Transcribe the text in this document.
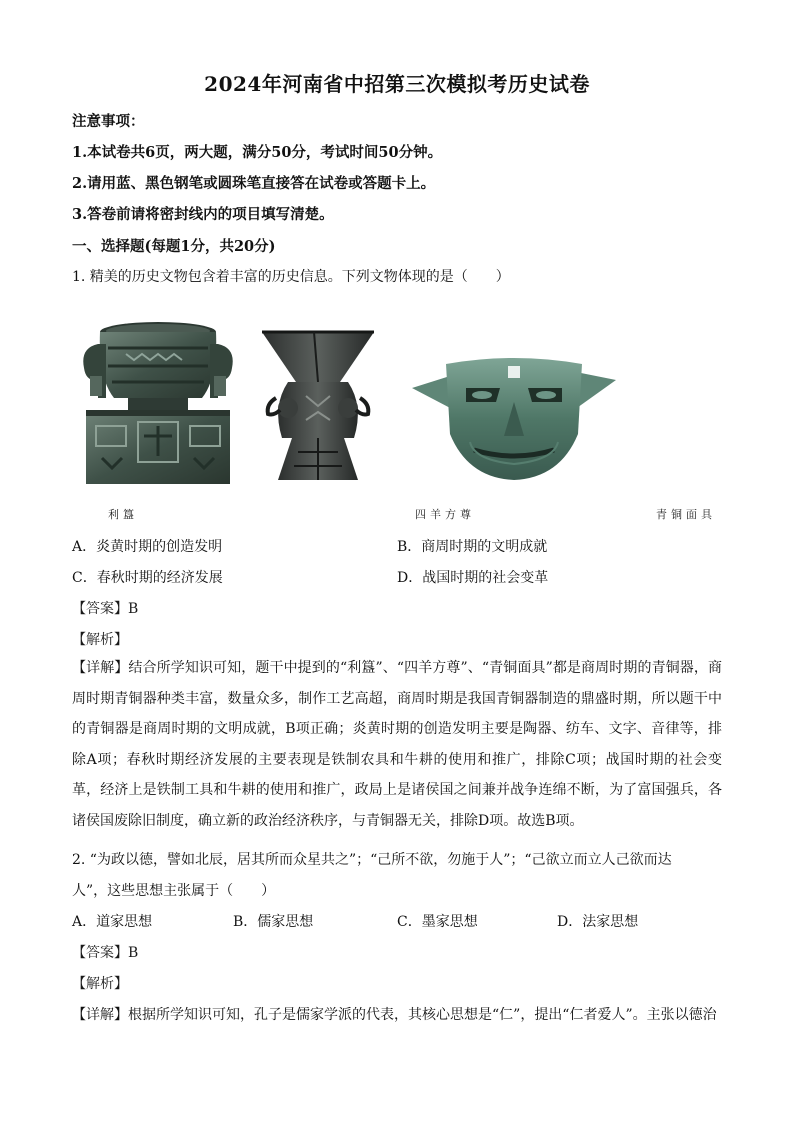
2024年河南省中招第三次模拟考历史试卷
注意事项：
1.本试卷共6页，两大题，满分50分，考试时间50分钟。
2.请用蓝、黑色钢笔或圆珠笔直接答在试卷或答题卡上。
3.答卷前请将密封线内的项目填写清楚。
一、选择题(每题1分，共20分)
1. 精美的历史文物包含着丰富的历史信息。下列文物体现的是（　　）
利簋	四羊方尊	青铜面具
A．炎黄时期的创造发明	B．商周时期的文明成就
C．春秋时期的经济发展	D．战国时期的社会变革
【答案】B
【解析】
【详解】结合所学知识可知，题干中提到的“利簋”、“四羊方尊”、“青铜面具”都是商周时期的青铜器，商周时期青铜器种类丰富，数量众多，制作工艺高超，商周时期是我国青铜器制造的鼎盛时期，所以题干中的青铜器是商周时期的文明成就，B项正确；炎黄时期的创造发明主要是陶器、纺车、文字、音律等，排除A项；春秋时期经济发展的主要表现是铁制农具和牛耕的使用和推广，排除C项；战国时期的社会变革，经济上是铁制工具和牛耕的使用和推广，政局上是诸侯国之间兼并战争连绵不断，为了富国强兵，各诸侯国废除旧制度，确立新的政治经济秩序，与青铜器无关，排除D项。故选B项。
2. “为政以德，譬如北辰，居其所而众星共之”；“己所不欲，勿施于人”；“己欲立而立人己欲而达
人”，这些思想主张属于（　　）
A．道家思想	B．儒家思想	C．墨家思想	D．法家思想
【答案】B
【解析】
【详解】根据所学知识可知，孔子是儒家学派的代表，其核心思想是“仁”，提出“仁者爱人”。主张以德治
